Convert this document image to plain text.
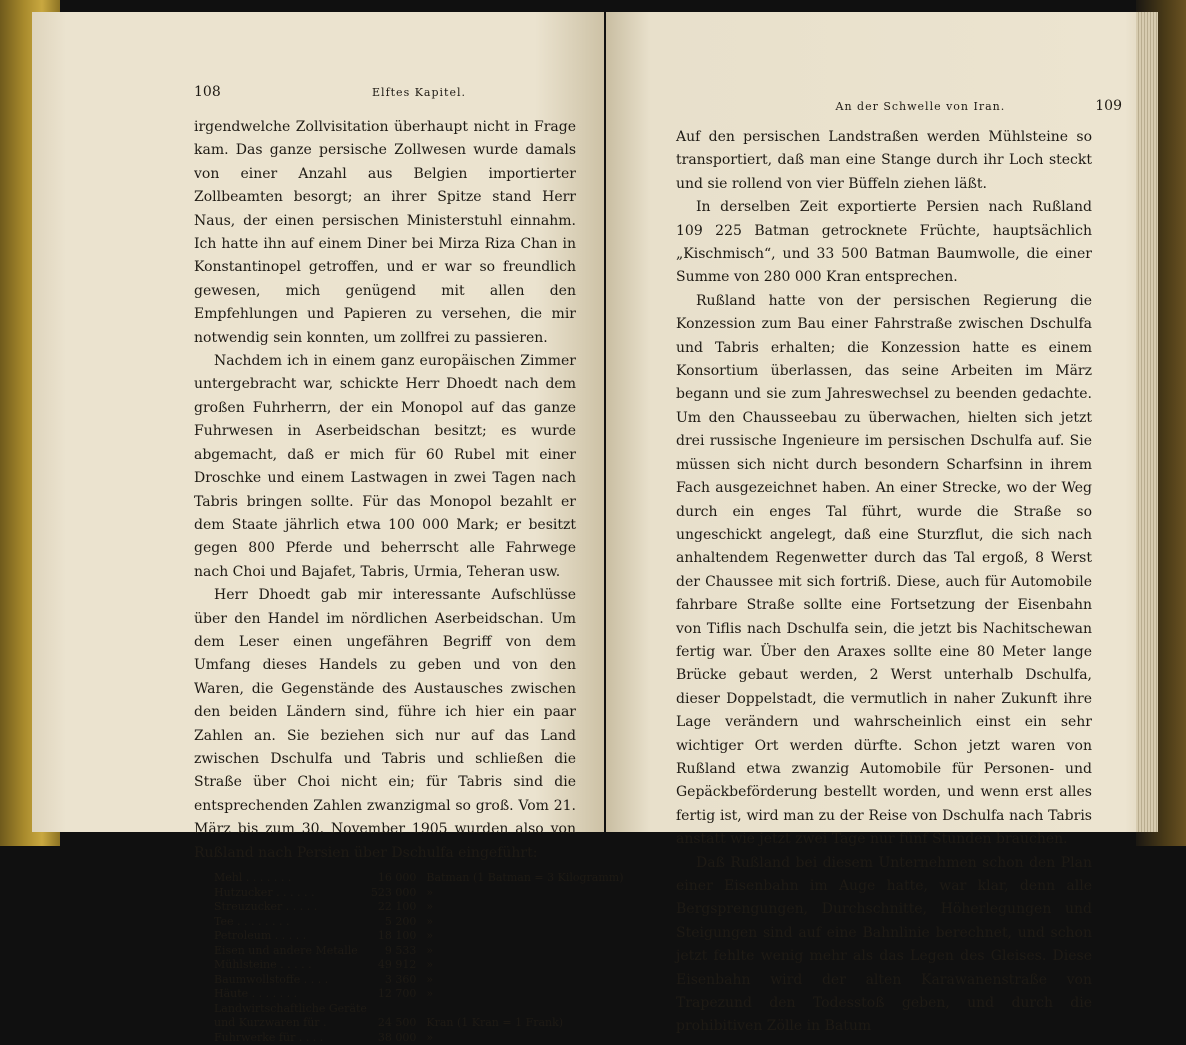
108	Elftes Kapitel.

irgendwelche Zollvisitation überhaupt nicht in Frage kam. Das ganze persische Zollwesen wurde damals von einer Anzahl aus Belgien importierter Zollbeamten besorgt; an ihrer Spitze stand Herr Naus, der einen persischen Ministerstuhl einnahm. Ich hatte ihn auf einem Diner bei Mirza Riza Chan in Konstantinopel getroffen, und er war so freundlich gewesen, mich genügend mit allen den Empfehlungen und Papieren zu versehen, die mir notwendig sein konnten, um zollfrei zu passieren.

Nachdem ich in einem ganz europäischen Zimmer untergebracht war, schickte Herr Dhoedt nach dem großen Fuhrherrn, der ein Monopol auf das ganze Fuhrwesen in Aserbeidschan besitzt; es wurde abgemacht, daß er mich für 60 Rubel mit einer Droschke und einem Lastwagen in zwei Tagen nach Tabris bringen sollte. Für das Monopol bezahlt er dem Staate jährlich etwa 100 000 Mark; er besitzt gegen 800 Pferde und beherrscht alle Fahrwege nach Choi und Bajafet, Tabris, Urmia, Teheran usw.

Herr Dhoedt gab mir interessante Aufschlüsse über den Handel im nördlichen Aserbeidschan. Um dem Leser einen ungefähren Begriff von dem Umfang dieses Handels zu geben und von den Waren, die Gegenstände des Austausches zwischen den beiden Ländern sind, führe ich hier ein paar Zahlen an. Sie beziehen sich nur auf das Land zwischen Dschulfa und Tabris und schließen die Straße über Choi nicht ein; für Tabris sind die entsprechenden Zahlen zwanzigmal so groß. Vom 21. März bis zum 30. November 1905 wurden also von Rußland nach Persien über Dschulfa eingeführt:

Mehl . . . . . . .	16 000	Batman (1 Batman = 3 Kilogramm)
Hutzucker . . . . . .	523 000	»
Streuzucker . . . . .	22 100	»
Tee . . . . . . . .	5 200	»
Petroleum . . . . .	18 100	»
Eisen und andere Metalle	9 533	»
Mühlsteine . . . . .	49 912	»
Baumwollstoffe . . . .	3 360	»
Häute . . . . . . .	12 700	»
Landwirtschaftliche Geräte		
und Kurzwaren für .	24 500	Kran (1 Kran = 1 Frank)
Fuhrwerke für . . . .	38 000	»
An der Schwelle von Iran.	109

Auf den persischen Landstraßen werden Mühlsteine so transportiert, daß man eine Stange durch ihr Loch steckt und sie rollend von vier Büffeln ziehen läßt.

In derselben Zeit exportierte Persien nach Rußland 109 225 Batman getrocknete Früchte, hauptsächlich „Kischmisch“, und 33 500 Batman Baumwolle, die einer Summe von 280 000 Kran entsprechen.

Rußland hatte von der persischen Regierung die Konzession zum Bau einer Fahrstraße zwischen Dschulfa und Tabris erhalten; die Konzession hatte es einem Konsortium überlassen, das seine Arbeiten im März begann und sie zum Jahreswechsel zu beenden gedachte. Um den Chausseebau zu überwachen, hielten sich jetzt drei russische Ingenieure im persischen Dschulfa auf. Sie müssen sich nicht durch besondern Scharfsinn in ihrem Fach ausgezeichnet haben. An einer Strecke, wo der Weg durch ein enges Tal führt, wurde die Straße so ungeschickt angelegt, daß eine Sturzflut, die sich nach anhaltendem Regenwetter durch das Tal ergoß, 8 Werst der Chaussee mit sich fortriß. Diese, auch für Automobile fahrbare Straße sollte eine Fortsetzung der Eisenbahn von Tiflis nach Dschulfa sein, die jetzt bis Nachitschewan fertig war. Über den Araxes sollte eine 80 Meter lange Brücke gebaut werden, 2 Werst unterhalb Dschulfa, dieser Doppelstadt, die vermutlich in naher Zukunft ihre Lage verändern und wahrscheinlich einst ein sehr wichtiger Ort werden dürfte. Schon jetzt waren von Rußland etwa zwanzig Automobile für Personen- und Gepäckbeförderung bestellt worden, und wenn erst alles fertig ist, wird man zu der Reise von Dschulfa nach Tabris anstatt wie jetzt zwei Tage nur fünf Stunden brauchen.

Daß Rußland bei diesem Unternehmen schon den Plan einer Eisenbahn im Auge hatte, war klar, denn alle Bergsprengungen, Durchschnitte, Höherlegungen und Steigungen sind auf eine Bahnlinie berechnet, und schon jetzt fehlte wenig mehr als das Legen des Gleises. Diese Eisenbahn wird der alten Karawanenstraße von Trapezund den Todesstoß geben, und durch die prohibitiven Zölle in Batum
